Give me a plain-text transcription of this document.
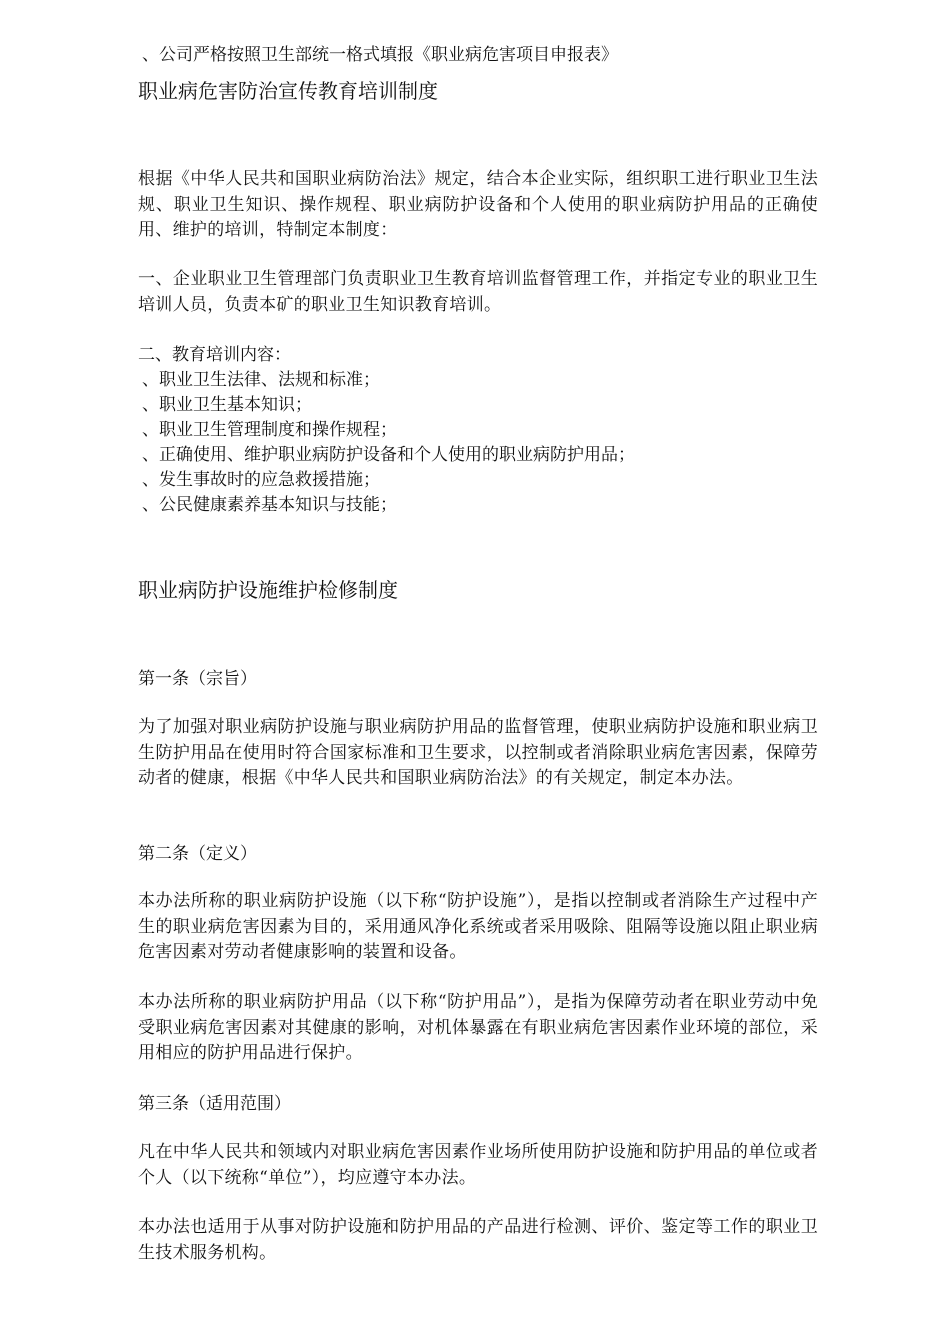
、公司严格按照卫生部统一格式填报《职业病危害项目申报表》
职业病危害防治宣传教育培训制度
根据《中华人民共和国职业病防治法》规定，结合本企业实际，组织职工进行职业卫生法规、职业卫生知识、操作规程、职业病防护设备和个人使用的职业病防护用品的正确使用、维护的培训，特制定本制度：
一、企业职业卫生管理部门负责职业卫生教育培训监督管理工作，并指定专业的职业卫生培训人员，负责本矿的职业卫生知识教育培训。
二、教育培训内容：
、职业卫生法律、法规和标准；
、职业卫生基本知识；
、职业卫生管理制度和操作规程；
、正确使用、维护职业病防护设备和个人使用的职业病防护用品；
、发生事故时的应急救援措施；
、公民健康素养基本知识与技能；
职业病防护设施维护检修制度
第一条（宗旨）
为了加强对职业病防护设施与职业病防护用品的监督管理，使职业病防护设施和职业病卫生防护用品在使用时符合国家标准和卫生要求，以控制或者消除职业病危害因素，保障劳动者的健康，根据《中华人民共和国职业病防治法》的有关规定，制定本办法。
第二条（定义）
本办法所称的职业病防护设施（以下称“防护设施”），是指以控制或者消除生产过程中产生的职业病危害因素为目的，采用通风净化系统或者采用吸除、阻隔等设施以阻止职业病危害因素对劳动者健康影响的装置和设备。
本办法所称的职业病防护用品（以下称“防护用品”），是指为保障劳动者在职业劳动中免受职业病危害因素对其健康的影响，对机体暴露在有职业病危害因素作业环境的部位，采用相应的防护用品进行保护。
第三条（适用范围）
凡在中华人民共和领域内对职业病危害因素作业场所使用防护设施和防护用品的单位或者个人（以下统称“单位”），均应遵守本办法。
本办法也适用于从事对防护设施和防护用品的产品进行检测、评价、鉴定等工作的职业卫生技术服务机构。
